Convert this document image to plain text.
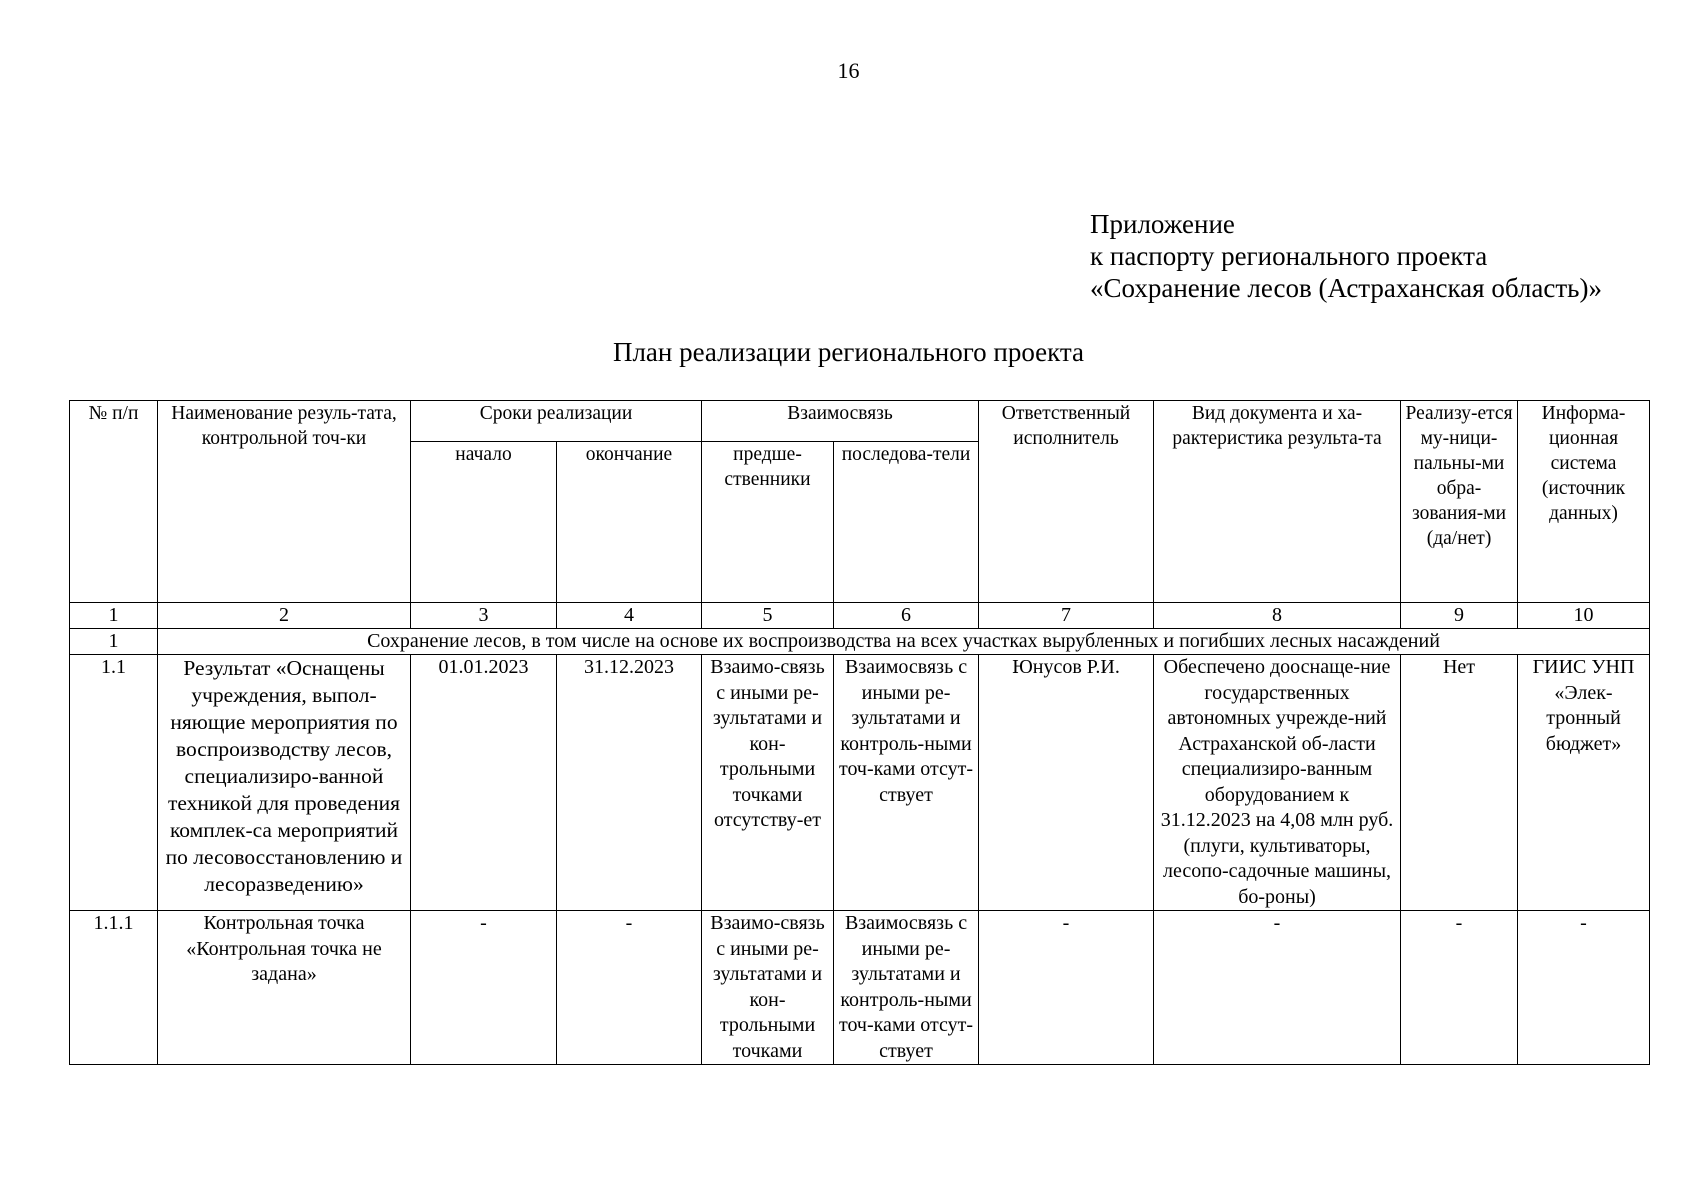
16
Приложение
к паспорту регионального проекта
«Сохранение лесов (Астраханская область)»
План реализации регионального проекта
№ п/п	Наименование резуль-тата, контрольной точ-ки	Сроки реализации		Взаимосвязь		Ответственный исполнитель	Вид документа и ха-рактеристика результа-та	Реализу-ется му-ници-пальны-ми обра-зования-ми (да/нет)	Информа-ционная система (источник данных)
		начало	окончание	предше-ственники	последова-тели				
1	2	3	4	5	6	7	8	9	10
1	Сохранение лесов, в том числе на основе их воспроизводства на всех участках вырубленных и погибших лесных насаждений								
1.1	Результат «Оснащены учреждения, выпол-няющие мероприятия по воспроизводству лесов, специализиро-ванной техникой для проведения комплек-са мероприятий по лесовосстановлению и лесоразведению»	01.01.2023	31.12.2023	Взаимо-связь с иными ре-зультатами и кон-трольными точками отсутству-ет	Взаимосвязь с иными ре-зультатами и контроль-ными точ-ками отсут-ствует	Юнусов Р.И.	Обеспечено дооснаще-ние государственных автономных учрежде-ний Астраханской об-ласти специализиро-ванным оборудованием к 31.12.2023 на 4,08 млн руб. (плуги, культиваторы, лесопо-садочные машины, бо-роны)	Нет	ГИИС УНП «Элек-тронный бюджет»
1.1.1	Контрольная точка «Контрольная точка не задана»	-	-	Взаимо-связь с иными ре-зультатами и кон-трольными точками	Взаимосвязь с иными ре-зультатами и контроль-ными точ-ками отсут-ствует	-	-	-	-
